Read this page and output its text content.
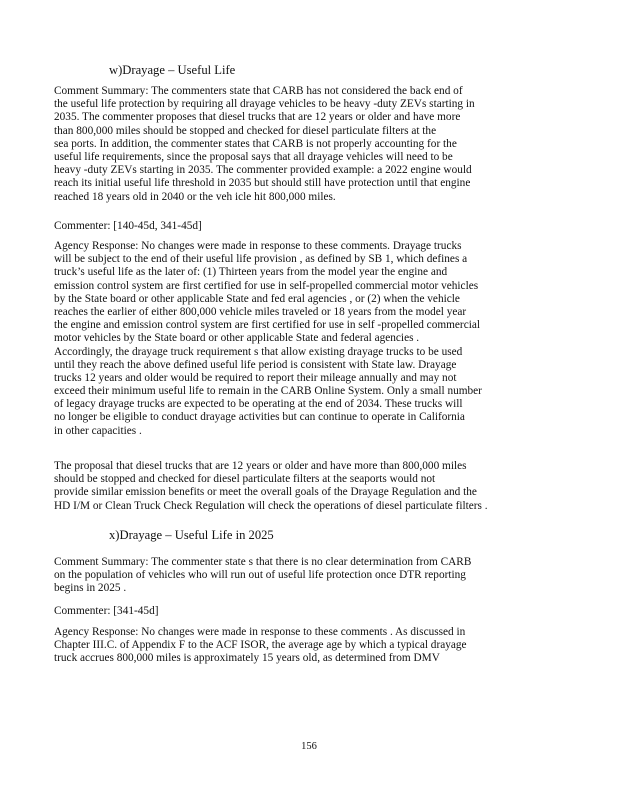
w)Drayage – Useful Life
Comment Summary: The commenters state that CARB has not considered the back end of
the useful life protection by requiring all drayage vehicles to be heavy -duty ZEVs starting in
2035. The commenter proposes that diesel trucks that are 12 years or older and have more
than 800,000 miles should be stopped and checked for diesel particulate filters at the
sea ports. In addition, the commenter states that CARB is not properly accounting for the
useful life requirements, since the proposal says that all drayage vehicles will need to be
heavy -duty ZEVs starting in 2035. The commenter provided example: a 2022 engine would
reach its initial useful life threshold in 2035 but should still have protection until that engine
reached 18 years old in 2040 or the veh icle hit 800,000 miles.
Commenter: [140-45d, 341-45d]
Agency Response: No changes were made in response to these comments. Drayage trucks
will be subject to the end of their useful life provision , as defined by SB 1, which defines a
truck’s useful life as the later of: (1) Thirteen years from the model year the engine and
emission control system are first certified for use in self-propelled commercial motor vehicles
by the State board or other applicable State and fed eral agencies , or (2) when the vehicle
reaches the earlier of either 800,000 vehicle miles traveled or 18 years from the model year
the engine and emission control system are first certified for use in self -propelled commercial
motor vehicles by the State board or other applicable State and federal agencies .
Accordingly, the drayage truck requirement s that allow existing drayage trucks to be used
until they reach the above defined useful life period is consistent with State law. Drayage
trucks 12 years and older would be required to report their mileage annually and may not
exceed their minimum useful life to remain in the CARB Online System. Only a small number
of legacy drayage trucks are expected to be operating at the end of 2034. These trucks will
no longer be eligible to conduct drayage activities but can continue to operate in California
in other capacities .
The proposal that diesel trucks that are 12 years or older and have more than 800,000 miles
should be stopped and checked for diesel particulate filters at the seaports would not
provide similar emission benefits or meet the overall goals of the Drayage Regulation and the
HD I/M or Clean Truck Check Regulation will check the operations of diesel particulate filters .
x)Drayage – Useful Life in 2025
Comment Summary: The commenter state s that there is no clear determination from CARB
on the population of vehicles who will run out of useful life protection once DTR reporting
begins in 2025 .
Commenter: [341-45d]
Agency Response: No changes were made in response to these comments . As discussed in
Chapter III.C. of Appendix F to the ACF ISOR, the average age by which a typical drayage
truck accrues 800,000 miles is approximately 15 years old, as determined from DMV
156
